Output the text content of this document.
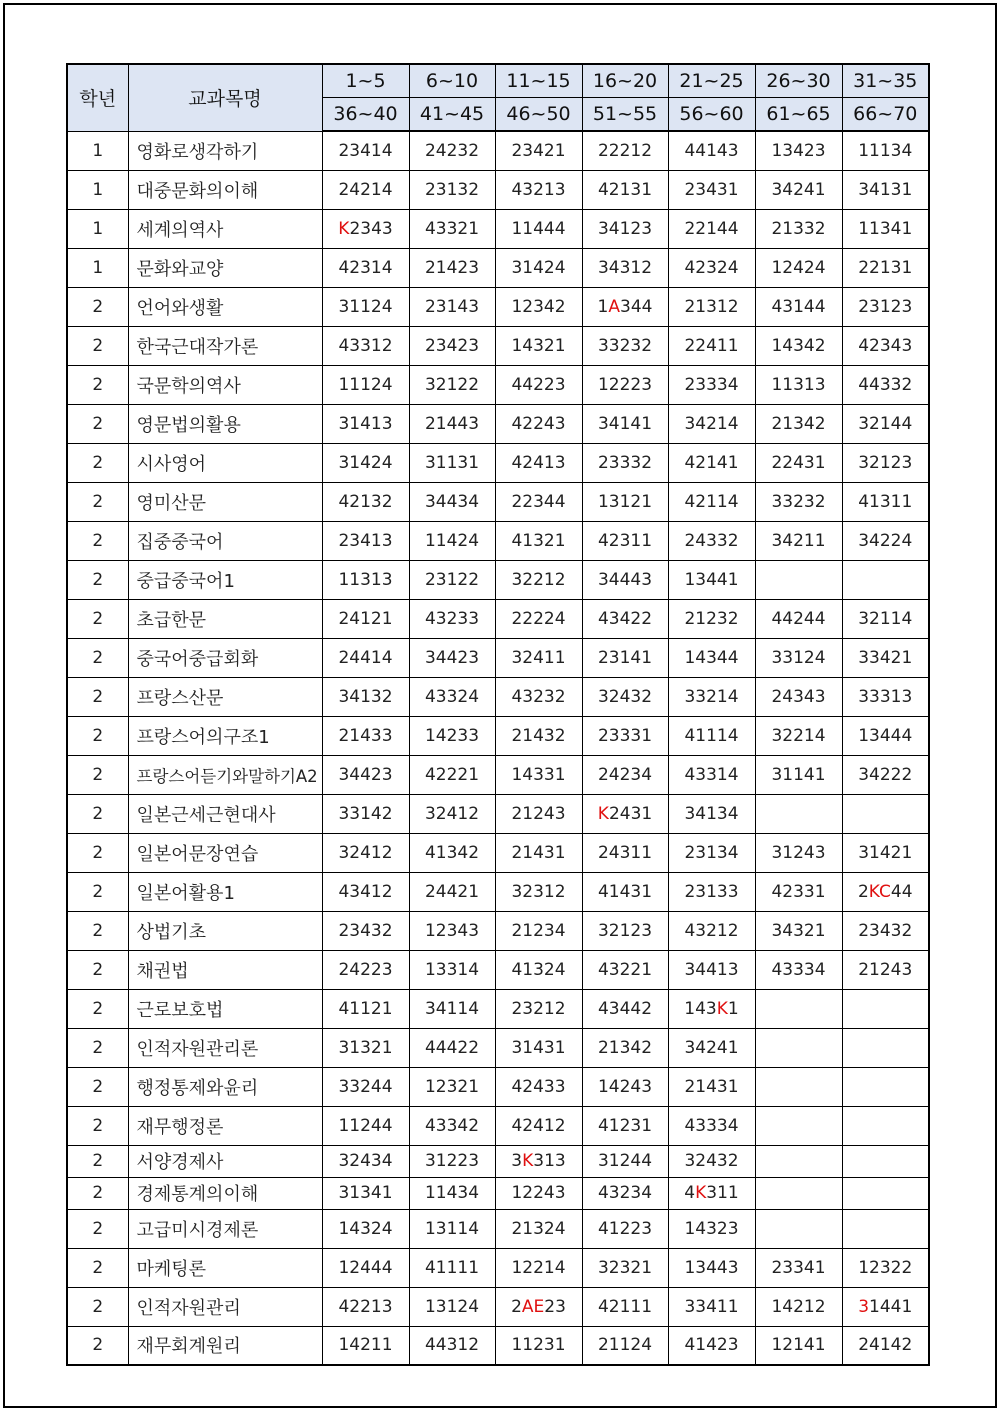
학년	교과목명	1~5	6~10	11~15	16~20	21~25	26~30	31~35
		36~40	41~45	46~50	51~55	56~60	61~65	66~70
1	영화로생각하기	23414	24232	23421	22212	44143	13423	11134
1	대중문화의이해	24214	23132	43213	42131	23431	34241	34131
1	세계의역사	K2343	43321	11444	34123	22144	21332	11341
1	문화와교양	42314	21423	31424	34312	42324	12424	22131
2	언어와생활	31124	23143	12342	1A344	21312	43144	23123
2	한국근대작가론	43312	23423	14321	33232	22411	14342	42343
2	국문학의역사	11124	32122	44223	12223	23334	11313	44332
2	영문법의활용	31413	21443	42243	34141	34214	21342	32144
2	시사영어	31424	31131	42413	23332	42141	22431	32123
2	영미산문	42132	34434	22344	13121	42114	33232	41311
2	집중중국어	23413	11424	41321	42311	24332	34211	34224
2	중급중국어1	11313	23122	32212	34443	13441		
2	초급한문	24121	43233	22224	43422	21232	44244	32114
2	중국어중급회화	24414	34423	32411	23141	14344	33124	33421
2	프랑스산문	34132	43324	43232	32432	33214	24343	33313
2	프랑스어의구조1	21433	14233	21432	23331	41114	32214	13444
2	프랑스어듣기와말하기A2	34423	42221	14331	24234	43314	31141	34222
2	일본근세근현대사	33142	32412	21243	K2431	34134		
2	일본어문장연습	32412	41342	21431	24311	23134	31243	31421
2	일본어활용1	43412	24421	32312	41431	23133	42331	2KC44
2	상법기초	23432	12343	21234	32123	43212	34321	23432
2	채권법	24223	13314	41324	43221	34413	43334	21243
2	근로보호법	41121	34114	23212	43442	143K1		
2	인적자원관리론	31321	44422	31431	21342	34241		
2	행정통제와윤리	33244	12321	42433	14243	21431		
2	재무행정론	11244	43342	42412	41231	43334		
2	서양경제사	32434	31223	3K313	31244	32432		
2	경제통계의이해	31341	11434	12243	43234	4K311		
2	고급미시경제론	14324	13114	21324	41223	14323		
2	마케팅론	12444	41111	12214	32321	13443	23341	12322
2	인적자원관리	42213	13124	2AE23	42111	33411	14212	31441
2	재무회계원리	14211	44312	11231	21124	41423	12141	24142
